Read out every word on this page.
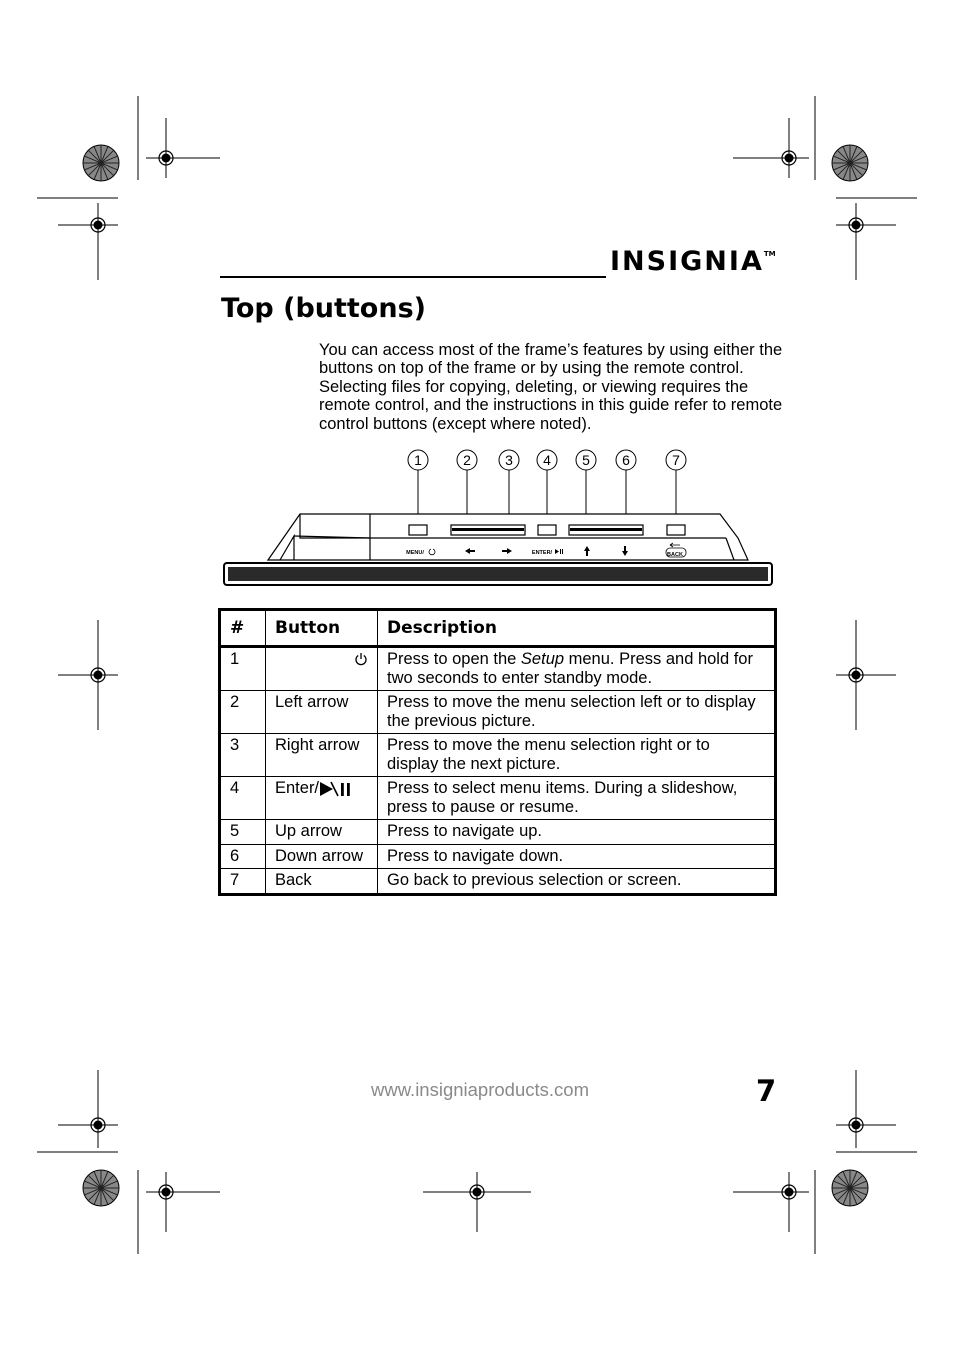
INSIGNIA™
Top (buttons)

You can access most of the frame’s features by using either the buttons on top of the frame or by using the remote control. Selecting files for copying, deleting, or viewing requires the remote control, and the instructions in this guide refer to remote control buttons (except where noted).

1	2 3 4 5 6	7
MENU/	ENTER/	BACK
#	Button	Description
1		Press to open the Setup menu. Press and hold for two seconds to enter standby mode.
2	Left arrow	Press to move the menu selection left or to display the previous picture.
3	Right arrow	Press to move the menu selection right or to display the next picture.
4	Enter/	Press to select menu items. During a slideshow, press to pause or resume.
5	Up arrow	Press to navigate up.
6	Down arrow	Press to navigate down.
7	Back	Go back to previous selection or screen.
www.insigniaproducts.com	7
